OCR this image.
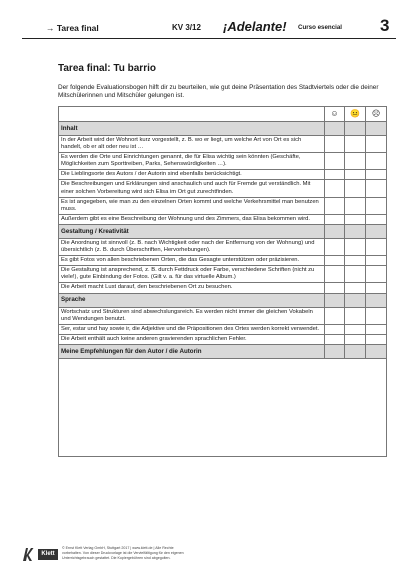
→ Tarea final	KV 3/12 ¡Adelante! Curso esencial 3
Tarea final: Tu barrio
Der folgende Evaluationsbogen hilft dir zu beurteilen, wie gut deine Präsentation des Stadtviertels oder die deiner Mitschülerinnen und Mitschüler gelungen ist.
	☺	😐	☹
Inhalt			
In der Arbeit wird der Wohnort kurz vorgestellt, z. B. wo er liegt, um welche Art von Ort es sich handelt, ob er alt oder neu ist …			
Es werden die Orte und Einrichtungen genannt, die für Elisa wichtig sein könnten (Geschäfte, Möglichkeiten zum Sporttreiben, Parks, Sehenswürdigkeiten …).			
Die Lieblingsorte des Autors / der Autorin sind ebenfalls berücksichtigt.			
Die Beschreibungen und Erklärungen sind anschaulich und auch für Fremde gut verständlich. Mit einer solchen Vorbereitung wird sich Elisa im Ort gut zurechtfinden.			
Es ist angegeben, wie man zu den einzelnen Orten kommt und welche Verkehrsmittel man benutzen muss.			
Außerdem gibt es eine Beschreibung der Wohnung und des Zimmers, das Elisa bekommen wird.			
Gestaltung / Kreativität			
Die Anordnung ist sinnvoll (z. B. nach Wichtigkeit oder nach der Entfernung von der Wohnung) und übersichtlich (z. B. durch Überschriften, Hervorhebungen).			
Es gibt Fotos von allen beschriebenen Orten, die das Gesagte unterstützen oder präzisieren.			
Die Gestaltung ist ansprechend, z. B. durch Fettdruck oder Farbe, verschiedene Schriften (nicht zu viele!), gute Einbindung der Fotos. (Gilt v. a. für das virtuelle Album.)			
Die Arbeit macht Lust darauf, den beschriebenen Ort zu besuchen.			
Sprache			
Wortschatz und Strukturen sind abwechslungsreich. Es werden nicht immer die gleichen Vokabeln und Wendungen benutzt.			
Ser, estar und hay sowie ir, die Adjektive und die Präpositionen des Ortes werden korrekt verwendet.			
Die Arbeit enthält auch keine anderen gravierenden sprachlichen Fehler.			
Meine Empfehlungen für den Autor / die Autorin			

Klett
© Ernst Klett Verlag GmbH, Stuttgart 2017 | www.klett.de | Alle Rechte
vorbehalten. Von dieser Druckvorlage ist die Vervielfältigung für den eigenen
Unterrichtsgebrauch gestattet. Die Kopiergebühren sind abgegolten.
